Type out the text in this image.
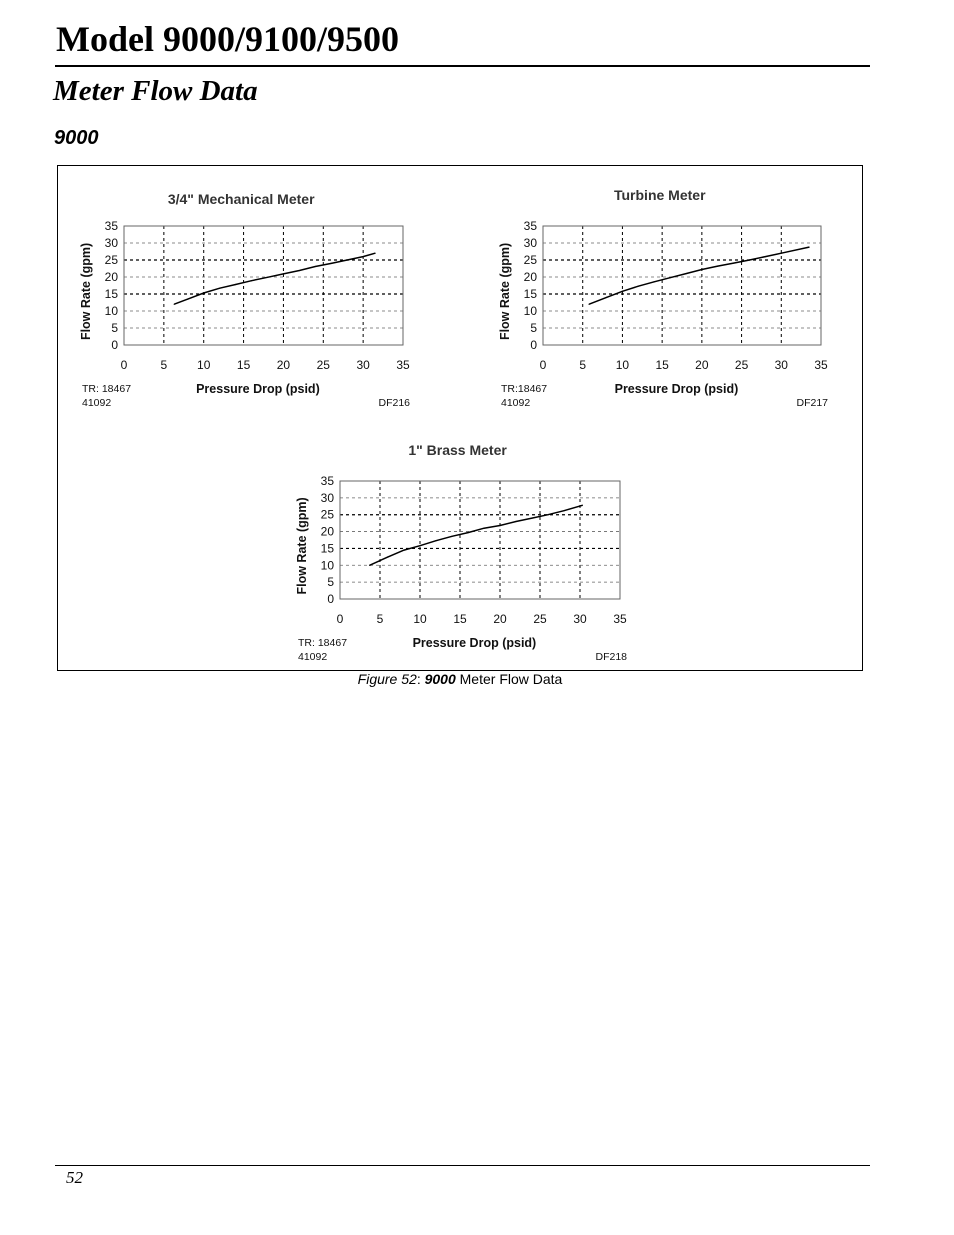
Model 9000/9100/9500
Meter Flow Data
9000
0	5 10 15 20 25 30 35
0
5
10
15
20
25
30
35
3/4" Mechanical Meter
Pressure Drop (psid)
Flow Rate (gpm)
TR: 18467
41092	DF216
0	5 10 15 20 25 30 35
0
5
10
15
20
25
30
35
Turbine Meter
Pressure Drop (psid)
Flow Rate (gpm)
TR:18467
41092	DF217
0	5 10 15 20 25 30 35
0
5
10
15
20
25
30
35
1" Brass Meter
Pressure Drop (psid)
Flow Rate (gpm)
TR: 18467
41092	DF218
Figure 52: 9000 Meter Flow Data
52
